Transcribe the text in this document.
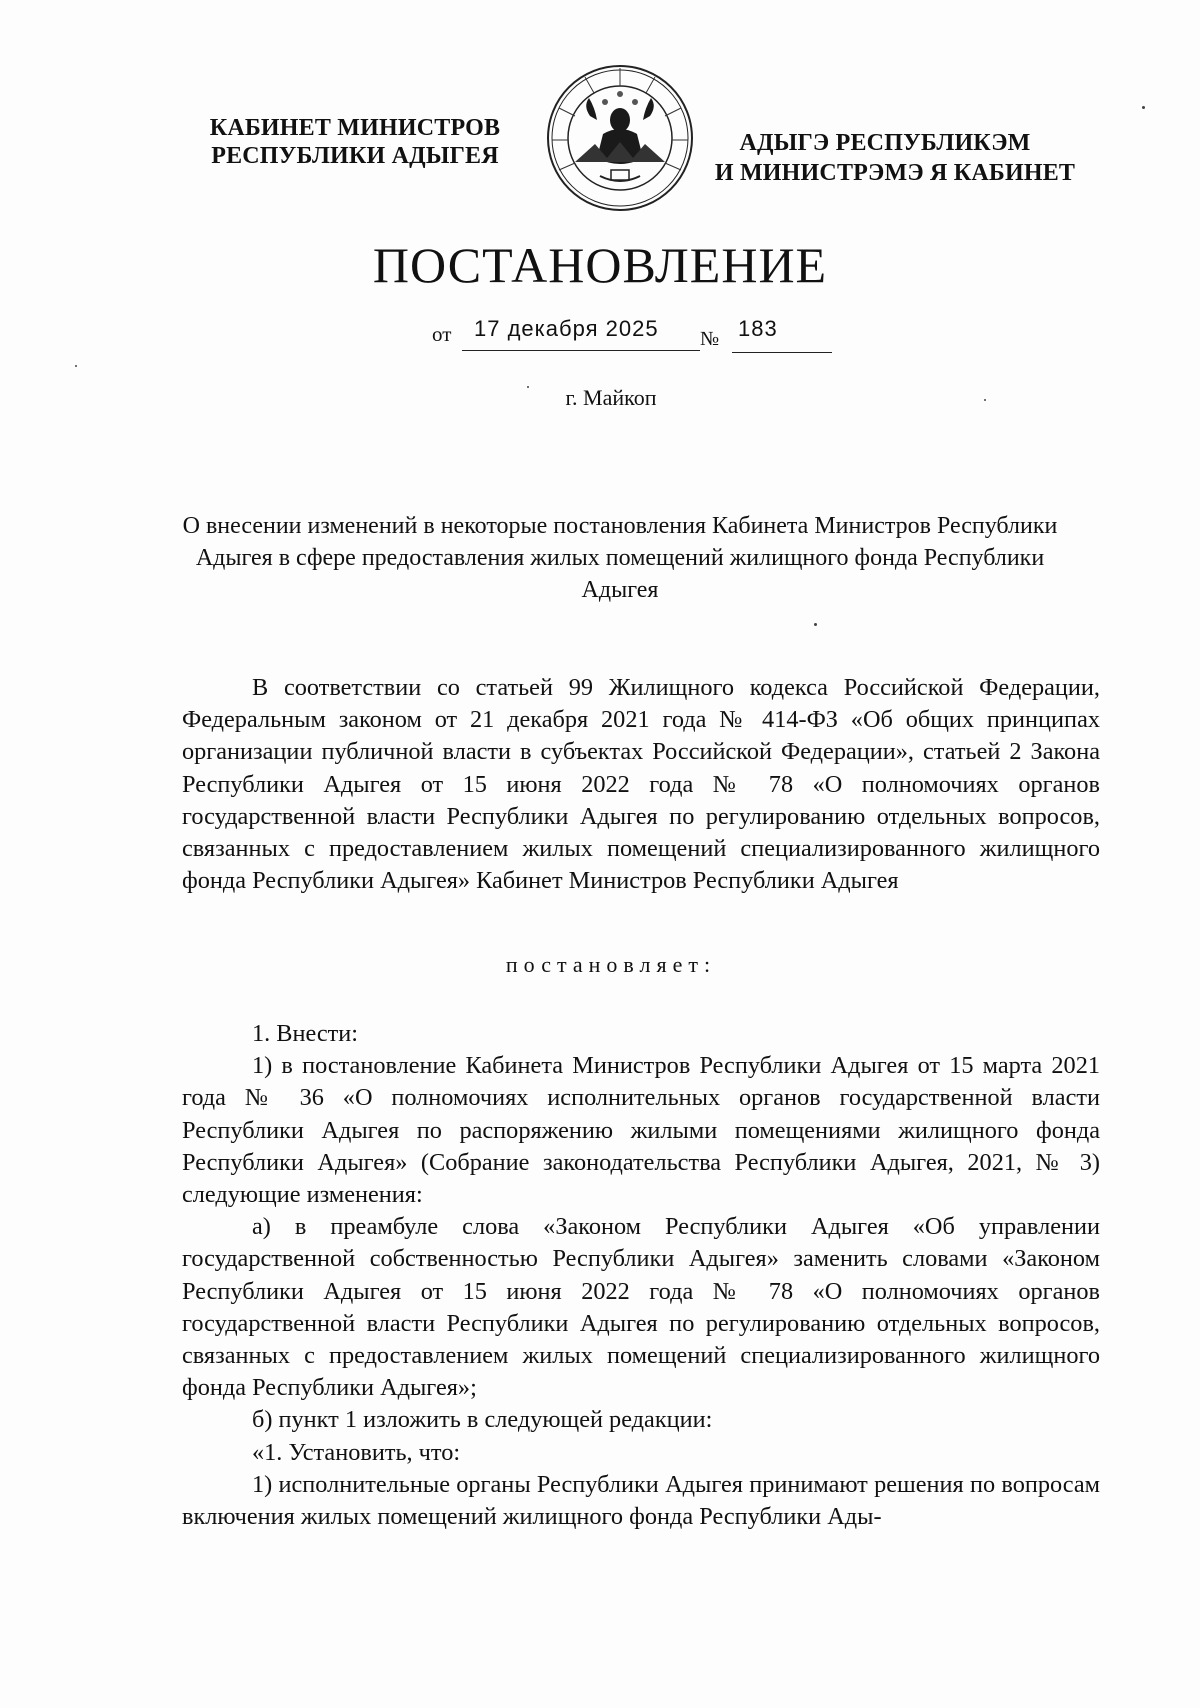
КАБИНЕТ МИНИСТРОВ
РЕСПУБЛИКИ АДЫГЕЯ	АДЫГЭ РЕСПУБЛИКЭМ
И МИНИСТРЭМЭ Я КАБИНЕТ
ПОСТАНОВЛЕНИЕ
от 17 декабря 2025 № 183
г. Майкоп
О внесении изменений в некоторые постановления Кабинета Министров Республики Адыгея в сфере предоставления жилых помещений жилищного фонда Республики Адыгея
В соответствии со статьей 99 Жилищного кодекса Российской Федерации, Федеральным законом от 21 декабря 2021 года № 414-ФЗ «Об общих принципах организации публичной власти в субъектах Российской Федерации», статьей 2 Закона Республики Адыгея от 15 июня 2022 года № 78 «О полномочиях органов государственной власти Республики Адыгея по регулированию отдельных вопросов, связанных с предоставлением жилых помещений специализированного жилищного фонда Республики Адыгея» Кабинет Министров Республики Адыгея
постановляет:

1. Внести:

1) в постановление Кабинета Министров Республики Адыгея от 15 марта 2021 года № 36 «О полномочиях исполнительных органов государственной власти Республики Адыгея по распоряжению жилыми помещениями жилищного фонда Республики Адыгея» (Собрание законодательства Республики Адыгея, 2021, № 3) следующие изменения:

а) в преамбуле слова «Законом Республики Адыгея «Об управлении государственной собственностью Республики Адыгея» заменить словами «Законом Республики Адыгея от 15 июня 2022 года № 78 «О полномочиях органов государственной власти Республики Адыгея по регулированию отдельных вопросов, связанных с предоставлением жилых помещений специализированного жилищного фонда Республики Адыгея»;

б) пункт 1 изложить в следующей редакции:

«1. Установить, что:

1) исполнительные органы Республики Адыгея принимают решения по вопросам включения жилых помещений жилищного фонда Республики Ады-
